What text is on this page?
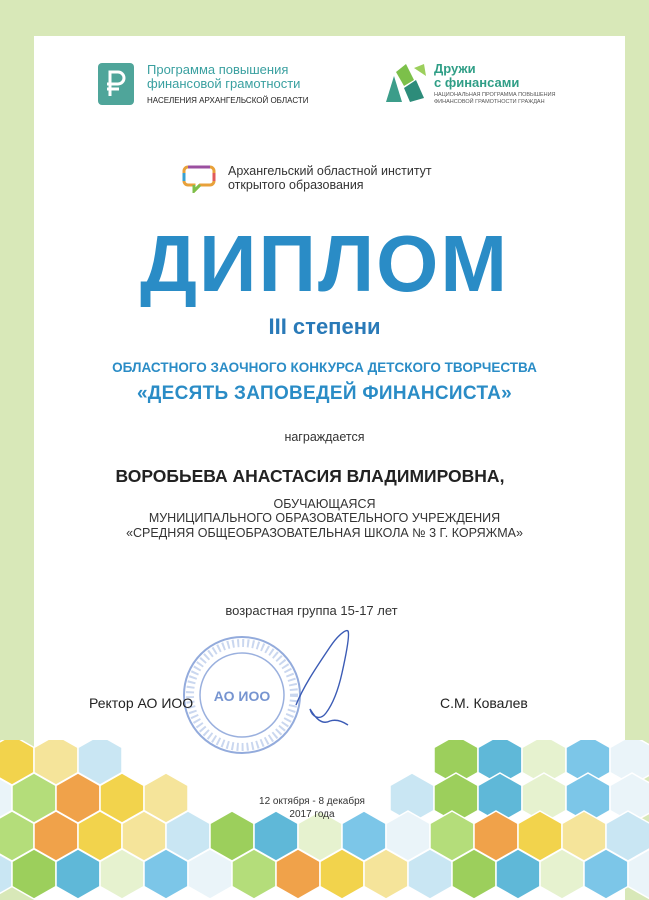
Программа повышения
финансовой грамотности
НАСЕЛЕНИЯ АРХАНГЕЛЬСКОЙ ОБЛАСТИ
Дружи
с финансами
НАЦИОНАЛЬНАЯ ПРОГРАММА ПОВЫШЕНИЯ
ФИНАНСОВОЙ ГРАМОТНОСТИ ГРАЖДАН
Архангельский областной институт
открытого образования
ДИПЛОМ
III степени
ОБЛАСТНОГО ЗАОЧНОГО КОНКУРСА ДЕТСКОГО ТВОРЧЕСТВА
«ДЕСЯТЬ ЗАПОВЕДЕЙ ФИНАНСИСТА»
награждается
ВОРОБЬЕВА АНАСТАСИЯ ВЛАДИМИРОВНА,
ОБУЧАЮЩАЯСЯ
МУНИЦИПАЛЬНОГО ОБРАЗОВАТЕЛЬНОГО УЧРЕЖДЕНИЯ
«СРЕДНЯЯ ОБЩЕОБРАЗОВАТЕЛЬНАЯ ШКОЛА № 3 Г. КОРЯЖМА»
возрастная группа 15-17 лет
АО ИОО
Ректор АО ИОО	С.М. Ковалев
12 октября - 8 декабря
2017 года
